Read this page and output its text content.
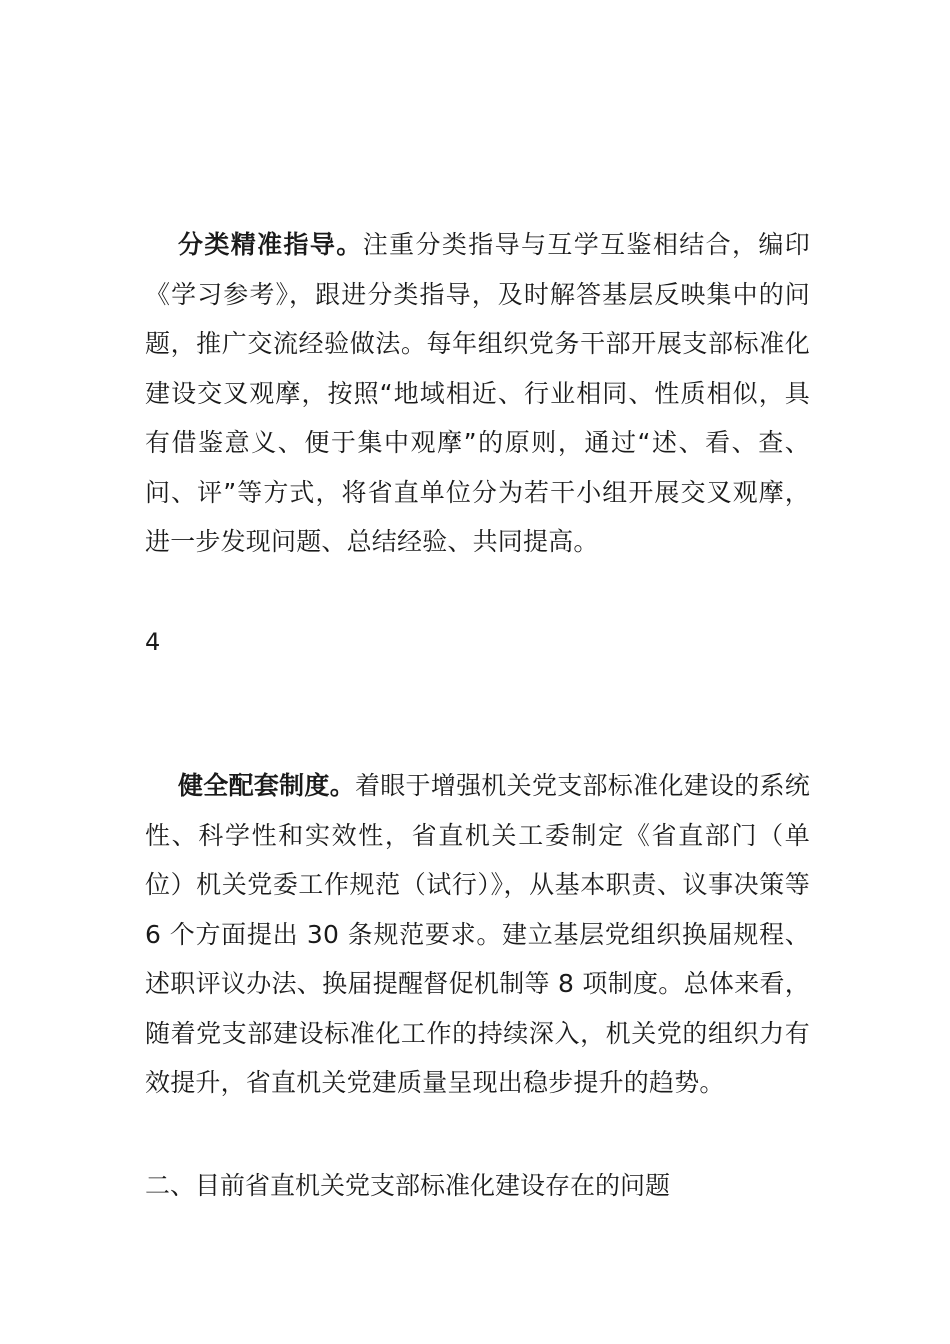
分类精准指导。注重分类指导与互学互鉴相结合，编印《学习参考》，跟进分类指导，及时解答基层反映集中的问题，推广交流经验做法。每年组织党务干部开展支部标准化建设交叉观摩，按照“地域相近、行业相同、性质相似，具有借鉴意义、便于集中观摩”的原则，通过“述、看、查、问、评”等方式，将省直单位分为若干小组开展交叉观摩，进一步发现问题、总结经验、共同提高。

4

健全配套制度。着眼于增强机关党支部标准化建设的系统性、科学性和实效性，省直机关工委制定《省直部门（单位）机关党委工作规范（试行）》，从基本职责、议事决策等 6 个方面提出 30 条规范要求。建立基层党组织换届规程、述职评议办法、换届提醒督促机制等 8 项制度。总体来看，随着党支部建设标准化工作的持续深入，机关党的组织力有效提升，省直机关党建质量呈现出稳步提升的趋势。

二、目前省直机关党支部标准化建设存在的问题
